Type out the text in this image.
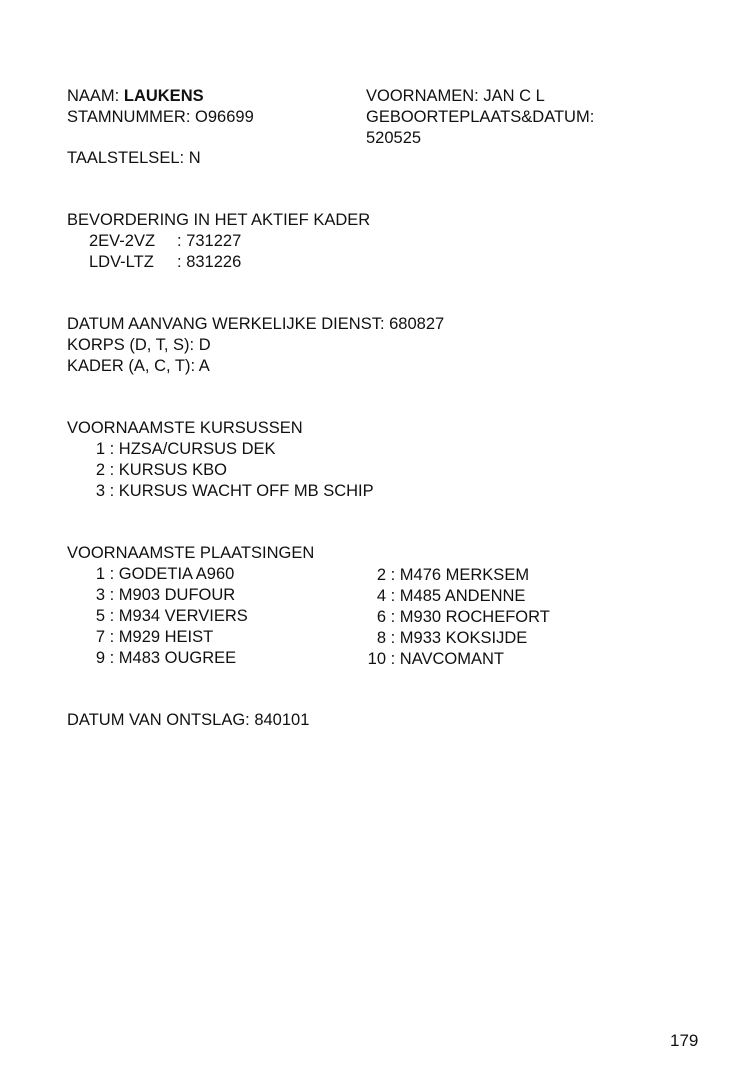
NAAM: LAUKENS
STAMNUMMER: O96699
TAALSTELSEL: N
VOORNAMEN: JAN C L
GEBOORTEPLAATS&DATUM:
520525
BEVORDERING IN HET AKTIEF KADER
2EV-2VZ : 731227
LDV-LTZ : 831226
DATUM AANVANG WERKELIJKE DIENST: 680827
KORPS (D, T, S): D
KADER (A, C, T): A
VOORNAAMSTE KURSUSSEN
1 : HZSA/CURSUS DEK
2 : KURSUS KBO
3 : KURSUS WACHT OFF MB SCHIP
VOORNAAMSTE PLAATSINGEN
1 : GODETIA A960
3 : M903 DUFOUR
5 : M934 VERVIERS
7 : M929 HEIST
9 : M483 OUGREE
2 : M476 MERKSEM
4 : M485 ANDENNE
6 : M930 ROCHEFORT
8 : M933 KOKSIJDE
10 : NAVCOMANT
DATUM VAN ONTSLAG: 840101
179
